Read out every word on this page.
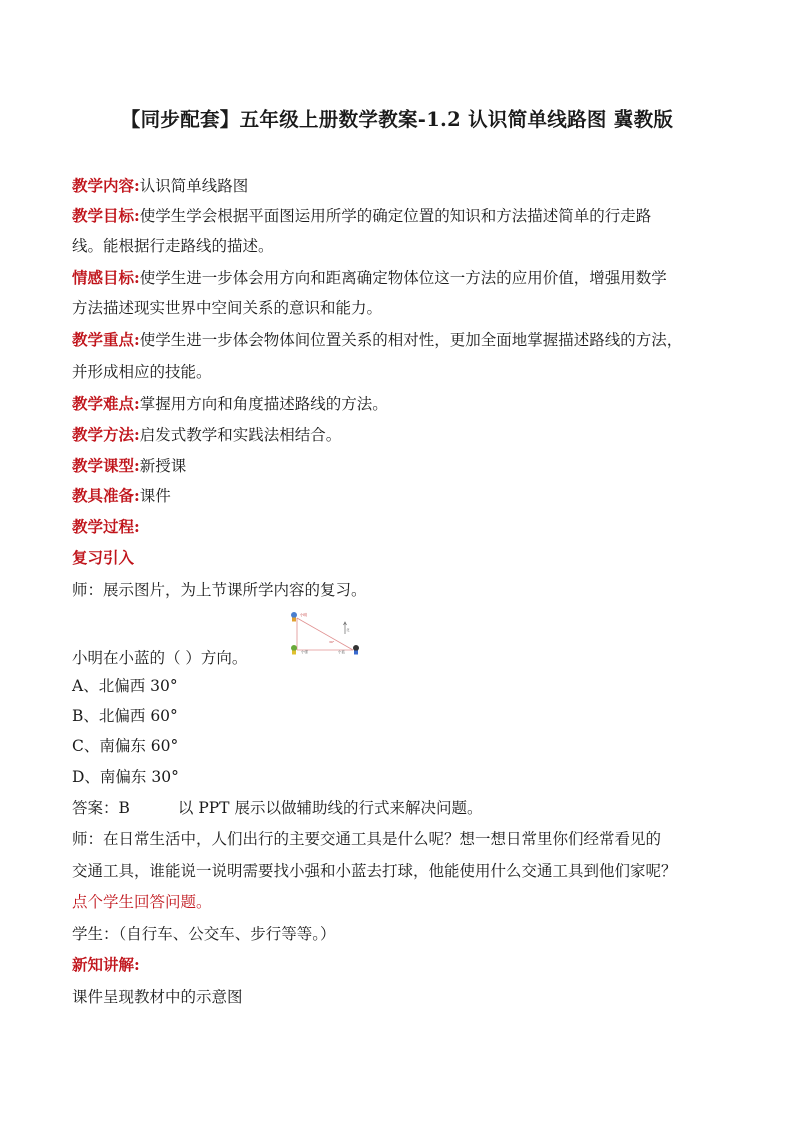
【同步配套】五年级上册数学教案-1.2 认识简单线路图 冀教版
教学内容:认识简单线路图
教学目标:使学生学会根据平面图运用所学的确定位置的知识和方法描述简单的行走路
线。能根据行走路线的描述。
情感目标:使学生进一步体会用方向和距离确定物体位这一方法的应用价值，增强用数学
方法描述现实世界中空间关系的意识和能力。
教学重点:使学生进一步体会物体间位置关系的相对性，更加全面地掌握描述路线的方法，
并形成相应的技能。
教学难点:掌握用方向和角度描述路线的方法。
教学方法:启发式教学和实践法相结合。
教学课型:新授课
教具准备:课件
教学过程:
复习引入
师：展示图片，为上节课所学内容的复习。
北
小明
小强	小蓝
30°
小明在小蓝的（ ）方向。
A、北偏西 30°
B、北偏西 60°
C、南偏东 60°
D、南偏东 30°
答案：B	以 PPT 展示以做辅助线的行式来解决问题。
师：在日常生活中，人们出行的主要交通工具是什么呢？想一想日常里你们经常看见的
交通工具，谁能说一说明需要找小强和小蓝去打球，他能使用什么交通工具到他们家呢？
点个学生回答问题。
学生：（自行车、公交车、步行等等。）
新知讲解:
课件呈现教材中的示意图
